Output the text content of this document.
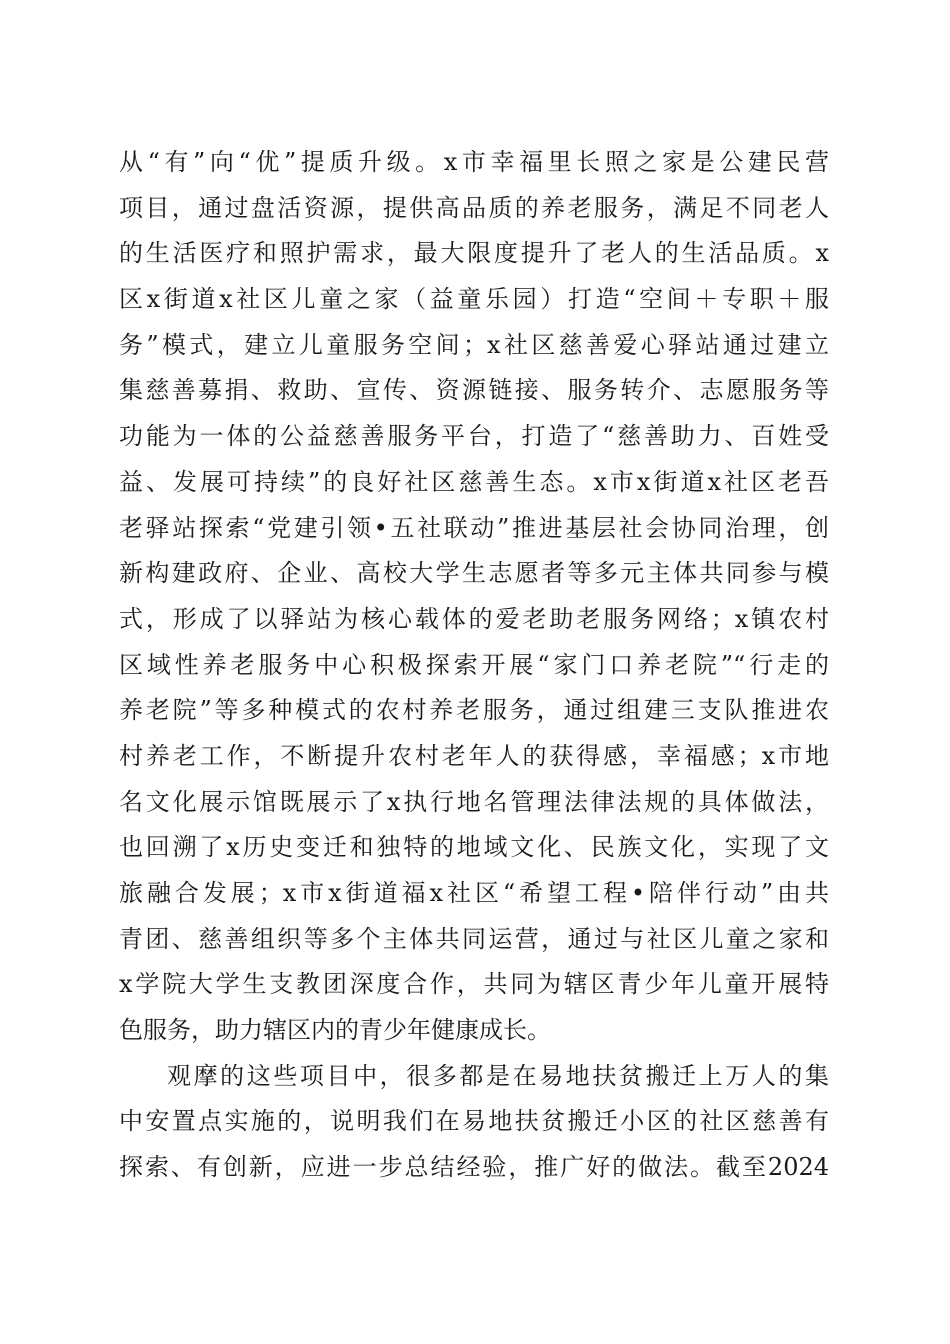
从“有”向“优”提质升级。x市幸福里长照之家是公建民营
项目，通过盘活资源，提供高品质的养老服务，满足不同老人
的生活医疗和照护需求，最大限度提升了老人的生活品质。x
区x街道x社区儿童之家（益童乐园）打造“空间＋专职＋服
务”模式，建立儿童服务空间；x社区慈善爱心驿站通过建立
集慈善募捐、救助、宣传、资源链接、服务转介、志愿服务等
功能为一体的公益慈善服务平台，打造了“慈善助力、百姓受
益、发展可持续”的良好社区慈善生态。x市x街道x社区老吾
老驿站探索“党建引领•五社联动”推进基层社会协同治理，创
新构建政府、企业、高校大学生志愿者等多元主体共同参与模
式，形成了以驿站为核心载体的爱老助老服务网络；x镇农村
区域性养老服务中心积极探索开展“家门口养老院”“行走的
养老院”等多种模式的农村养老服务，通过组建三支队推进农
村养老工作，不断提升农村老年人的获得感，幸福感；x市地
名文化展示馆既展示了x执行地名管理法律法规的具体做法，
也回溯了x历史变迁和独特的地域文化、民族文化，实现了文
旅融合发展；x市x街道福x社区“希望工程•陪伴行动”由共
青团、慈善组织等多个主体共同运营，通过与社区儿童之家和
x学院大学生支教团深度合作，共同为辖区青少年儿童开展特
色服务，助力辖区内的青少年健康成长。
观摩的这些项目中，很多都是在易地扶贫搬迁上万人的集
中安置点实施的，说明我们在易地扶贫搬迁小区的社区慈善有
探索、有创新，应进一步总结经验，推广好的做法。截至2024
